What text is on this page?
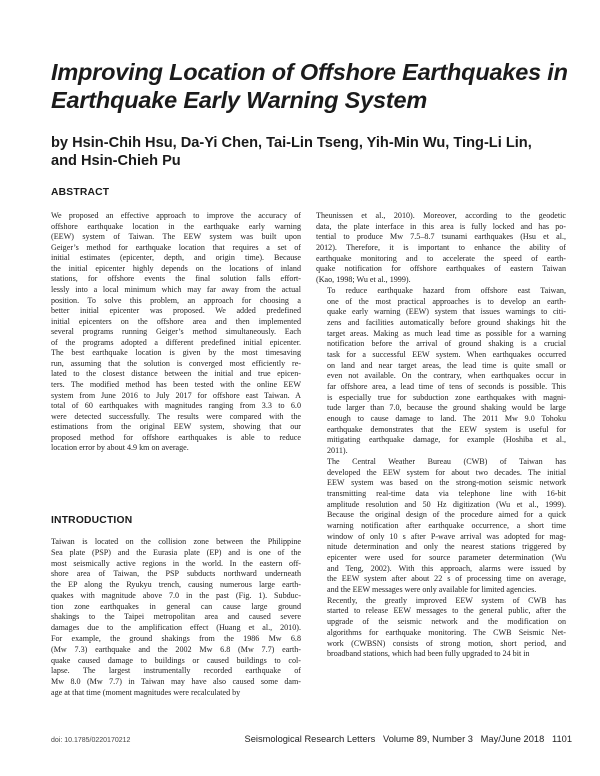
Improving Location of Offshore Earthquakes in
Earthquake Early Warning System
by Hsin-Chih Hsu, Da-Yi Chen, Tai-Lin Tseng, Yih-Min Wu, Ting-Li Lin,
and Hsin-Chieh Pu
ABSTRACT

We proposed an effective approach to improve the accuracy of
offshore earthquake location in the earthquake early warning
(EEW) system of Taiwan. The EEW system was built upon
Geiger’s method for earthquake location that requires a set of
initial estimates (epicenter, depth, and origin time). Because
the initial epicenter highly depends on the locations of inland
stations, for offshore events the final solution falls effort-
lessly into a local minimum which may far away from the actual
position. To solve this problem, an approach for choosing a
better initial epicenter was proposed. We added predefined
initial epicenters on the offshore area and then implemented
several programs running Geiger’s method simultaneously. Each
of the programs adopted a different predefined initial epicenter.
The best earthquake location is given by the most timesaving
run, assuming that the solution is converged most efficiently re-
lated to the closest distance between the initial and true epicen-
ters. The modified method has been tested with the online EEW
system from June 2016 to July 2017 for offshore east Taiwan. A
total of 60 earthquakes with magnitudes ranging from 3.3 to 6.0
were detected successfully. The results were compared with the
estimations from the original EEW system, showing that our
proposed method for offshore earthquakes is able to reduce
location error by about 4.9 km on average.

INTRODUCTION

Taiwan is located on the collision zone between the Philippine
Sea plate (PSP) and the Eurasia plate (EP) and is one of the
most seismically active regions in the world. In the eastern off-
shore area of Taiwan, the PSP subducts northward underneath
the EP along the Ryukyu trench, causing numerous large earth-
quakes with magnitude above 7.0 in the past (Fig. 1). Subduc-
tion zone earthquakes in general can cause large ground
shakings to the Taipei metropolitan area and caused severe
damages due to the amplification effect (Huang et al., 2010).
For example, the ground shakings from the 1986 Mw 6.8
(Mw 7.3) earthquake and the 2002 Mw 6.8 (Mw 7.7) earth-
quake caused damage to buildings or caused buildings to col-
lapse. The largest instrumentally recorded earthquake of
Mw 8.0 (Mw 7.7) in Taiwan may have also caused some dam-
age at that time (moment magnitudes were recalculated by

Theunissen et al., 2010). Moreover, according to the geodetic
data, the plate interface in this area is fully locked and has po-
tential to produce Mw 7.5–8.7 tsunami earthquakes (Hsu et al.,
2012). Therefore, it is important to enhance the ability of
earthquake monitoring and to accelerate the speed of earth-
quake notification for offshore earthquakes of eastern Taiwan
(Kao, 1998; Wu et al., 1999).

To reduce earthquake hazard from offshore east Taiwan,
one of the most practical approaches is to develop an earth-
quake early warning (EEW) system that issues warnings to citi-
zens and facilities automatically before ground shakings hit the
target areas. Making as much lead time as possible for a warning
notification before the arrival of ground shaking is a crucial
task for a successful EEW system. When earthquakes occurred
on land and near target areas, the lead time is quite small or
even not available. On the contrary, when earthquakes occur in
far offshore area, a lead time of tens of seconds is possible. This
is especially true for subduction zone earthquakes with magni-
tude larger than 7.0, because the ground shaking would be large
enough to cause damage to land. The 2011 Mw 9.0 Tohoku
earthquake demonstrates that the EEW system is useful for
mitigating earthquake damage, for example (Hoshiba et al.,
2011).

The Central Weather Bureau (CWB) of Taiwan has
developed the EEW system for about two decades. The initial
EEW system was based on the strong-motion seismic network
transmitting real-time data via telephone line with 16-bit
amplitude resolution and 50 Hz digitization (Wu et al., 1999).
Because the original design of the procedure aimed for a quick
warning notification after earthquake occurrence, a short time
window of only 10 s after P-wave arrival was adopted for mag-
nitude determination and only the nearest stations triggered by
epicenter were used for source parameter determination (Wu
and Teng, 2002). With this approach, alarms were issued by
the EEW system after about 22 s of processing time on average,
and the EEW messages were only available for limited agencies.

Recently, the greatly improved EEW system of CWB has
started to release EEW messages to the general public, after the
upgrade of the seismic network and the modification on
algorithms for earthquake monitoring. The CWB Seismic Net-
work (CWBSN) consists of strong motion, short period, and
broadband stations, which had been fully upgraded to 24 bit in

doi: 10.1785/0220170212	Seismological Research Letters Volume 89, Number 3 May/June 2018 1101
